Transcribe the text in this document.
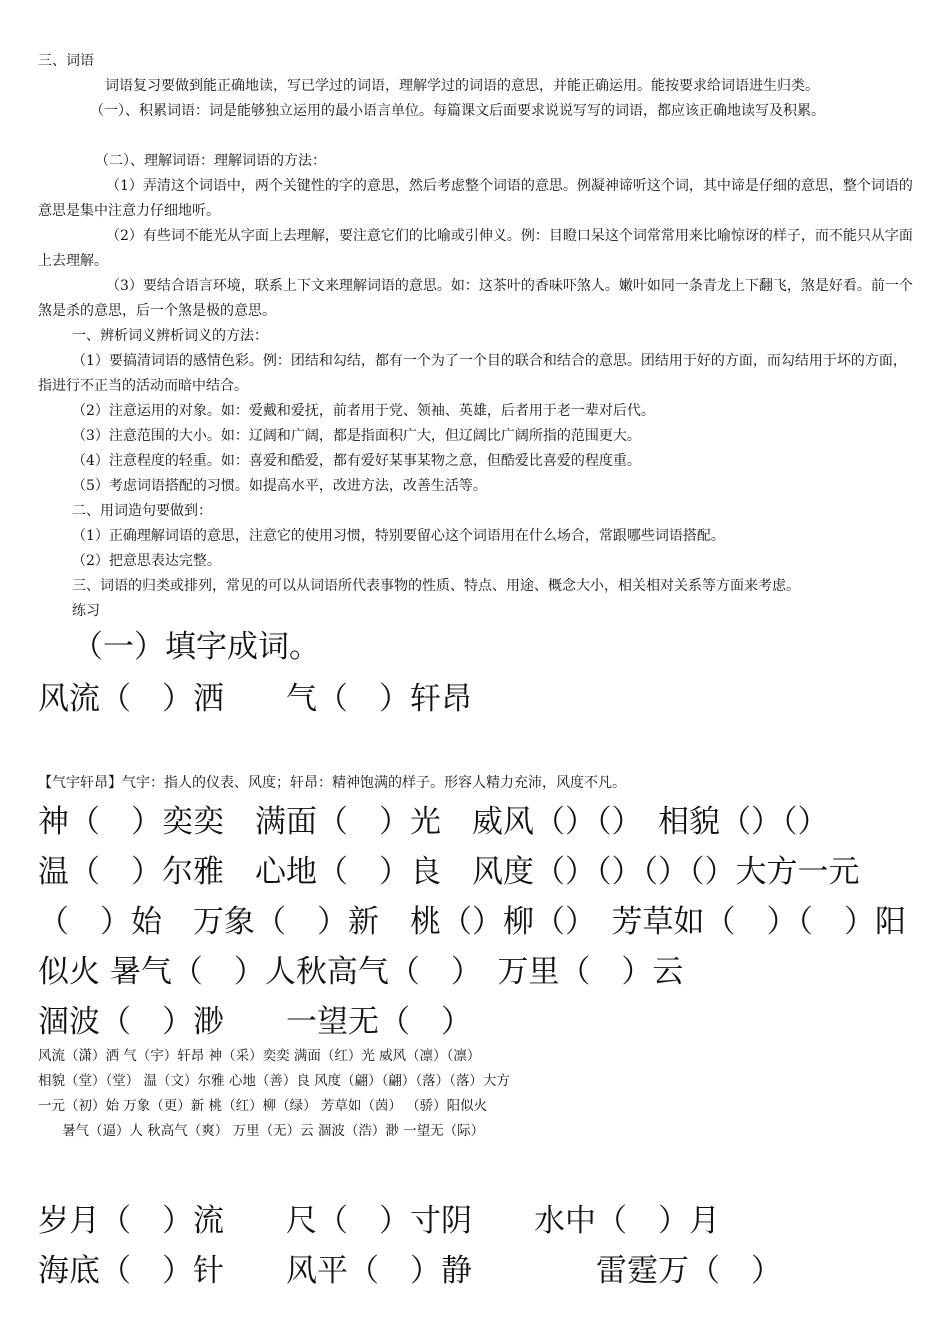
三、词语

词语复习要做到能正确地读，写已学过的词语，理解学过的词语的意思，并能正确运用。能按要求给词语进生归类。

（一）、积累词语：词是能够独立运用的最小语言单位。每篇课文后面要求说说写写的词语，都应该正确地读写及积累。

（二）、理解词语：理解词语的方法：

（1）弄清这个词语中，两个关键性的字的意思，然后考虑整个词语的意思。例凝神谛听这个词，其中谛是仔细的意思，整个词语的意思是集中注意力仔细地听。

（2）有些词不能光从字面上去理解，要注意它们的比喻或引伸义。例：目瞪口呆这个词常常用来比喻惊讶的样子，而不能只从字面上去理解。

（3）要结合语言环境，联系上下文来理解词语的意思。如：这茶叶的香味吓煞人。嫩叶如同一条青龙上下翻飞，煞是好看。前一个煞是杀的意思，后一个煞是极的意思。

一、辨析词义辨析词义的方法：

（1）要搞清词语的感情色彩。例：团结和勾结，都有一个为了一个目的联合和结合的意思。团结用于好的方面，而勾结用于坏的方面，指进行不正当的活动而暗中结合。

（2）注意运用的对象。如：爱戴和爱抚，前者用于党、领袖、英雄，后者用于老一辈对后代。

（3）注意范围的大小。如：辽阔和广阔，都是指面积广大，但辽阔比广阔所指的范围更大。

（4）注意程度的轻重。如：喜爱和酷爱，都有爱好某事某物之意，但酷爱比喜爱的程度重。

（5）考虑词语搭配的习惯。如提高水平，改进方法，改善生活等。

二、用词造句要做到：

（1）正确理解词语的意思，注意它的使用习惯，特别要留心这个词语用在什么场合，常跟哪些词语搭配。

（2）把意思表达完整。

三、词语的归类或排列，常见的可以从词语所代表事物的性质、特点、用途、概念大小，相关相对关系等方面来考虑。

练习

（一）填字成词。

风流（　）洒　　气（　）轩昂

【气宇轩昂】气宇：指人的仪表、风度；轩昂：精神饱满的样子。形容人精力充沛，风度不凡。

神（　）奕奕　满面（　）光　威风（）（）　相貌（）（）

温（　）尔雅　心地（　）良　风度（）（）（）（）大方一元

（　）始　万象（　）新　桃（）柳（）　芳草如（　）（　）阳

似火 暑气（　）人秋高气（　）　万里（　）云

涸波（　）渺　　一望无（　）

风流（潇）洒 气（宇）轩昂 神（采）奕奕 满面（红）光 威风（凛）（凛）

相貌（堂）（堂） 温（文）尔雅 心地（善）良 风度（翩）（翩）（落）（落）大方

一元（初）始 万象（更）新 桃（红）柳（绿） 芳草如（茵） （骄）阳似火

暑气（逼）人 秋高气（爽） 万里（无）云 涸波（浩）渺 一望无（际）

岁月（　）流　　尺（　）寸阴　　水中（　）月

海底（　）针　　风平（　）静　　　　雷霆万（　）
